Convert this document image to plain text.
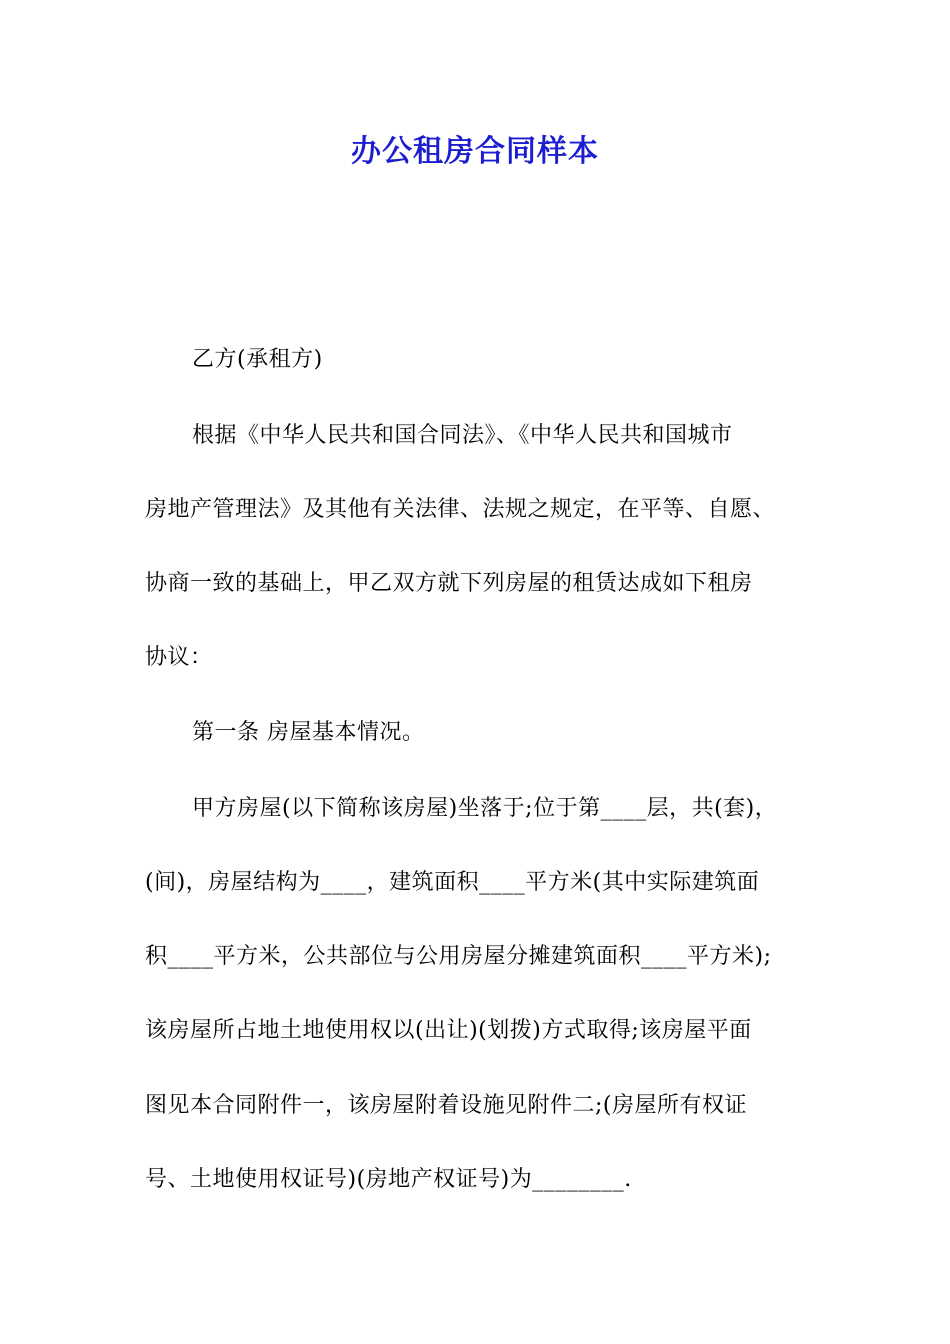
办公租房合同样本
乙方(承租方)
根据《中华人民共和国合同法》、《中华人民共和国城市
房地产管理法》及其他有关法律、法规之规定，在平等、自愿、
协商一致的基础上，甲乙双方就下列房屋的租赁达成如下租房
协议：
第一条 房屋基本情况。
甲方房屋(以下简称该房屋)坐落于;位于第____层，共(套)，
(间)，房屋结构为____，建筑面积____平方米(其中实际建筑面
积____平方米，公共部位与公用房屋分摊建筑面积____平方米);
该房屋所占地土地使用权以(出让)(划拨)方式取得;该房屋平面
图见本合同附件一，该房屋附着设施见附件二;(房屋所有权证
号、土地使用权证号)(房地产权证号)为________.
